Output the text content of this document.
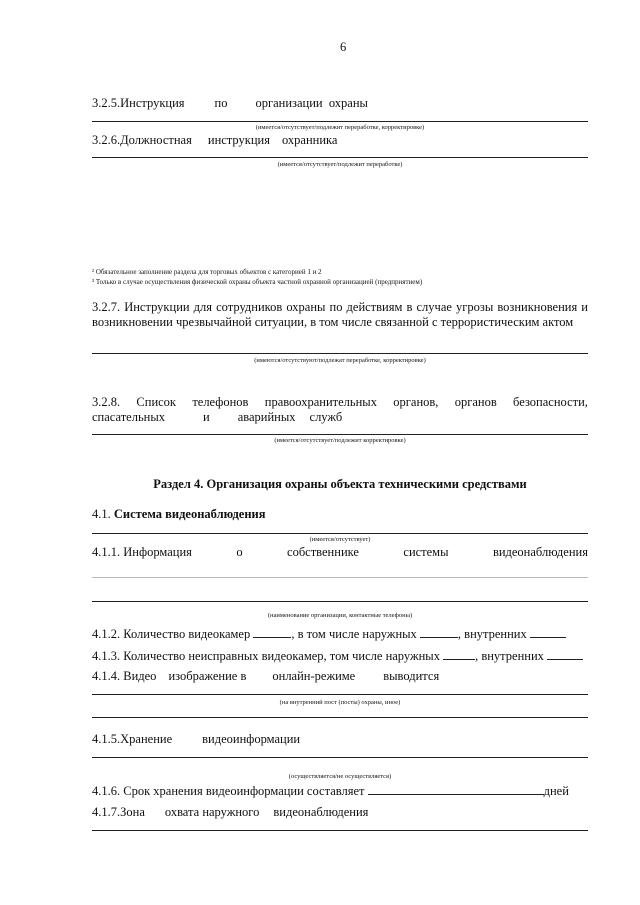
6
3.2.5.Инструкция по организации охраны
(имеется/отсутствует/подлежит переработке, корректировке)
3.2.6.Должностная инструкция охранника
(имеется/отсутствует/подлежит переработке)
² Обязательное заполнение раздела для торговых объектов с категорией 1 и 2
³ Только в случае осуществления физической охраны объекта частной охранной организацией (предприятием)
3.2.7. Инструкции для сотрудников охраны по действиям в случае угрозы возникновения и возникновении чрезвычайной ситуации, в том числе связанной с террористическим актом
(имеются/отсутствуют/подлежат переработке, корректировке)
3.2.8. Список телефонов правоохранительных органов, органов безопасности,
спасательных	и аварийных служб
(имеется/отсутствует/подлежит корректировке)
Раздел 4. Организация охраны объекта техническими средствами
4.1. Система видеонаблюдения
(имеется/отсутствует)
4.1.1. Информация	о	собственнике	системы	видеонаблюдения
(наименование организации, контактные телефоны)
4.1.2. Количество видеокамер	, в том числе наружных	, внутренних
4.1.3. Количество неисправных видеокамер, том числе наружных	, внутренних
4.1.4. Видео изображение в онлайн-режиме выводится
(на внутренний пост (посты) охраны, иное)
4.1.5.Хранение видеоинформации
(осуществляется/не осуществляется)
4.1.6. Срок хранения видеоинформации составляет	дней
4.1.7.Зона охвата наружного видеонаблюдения
